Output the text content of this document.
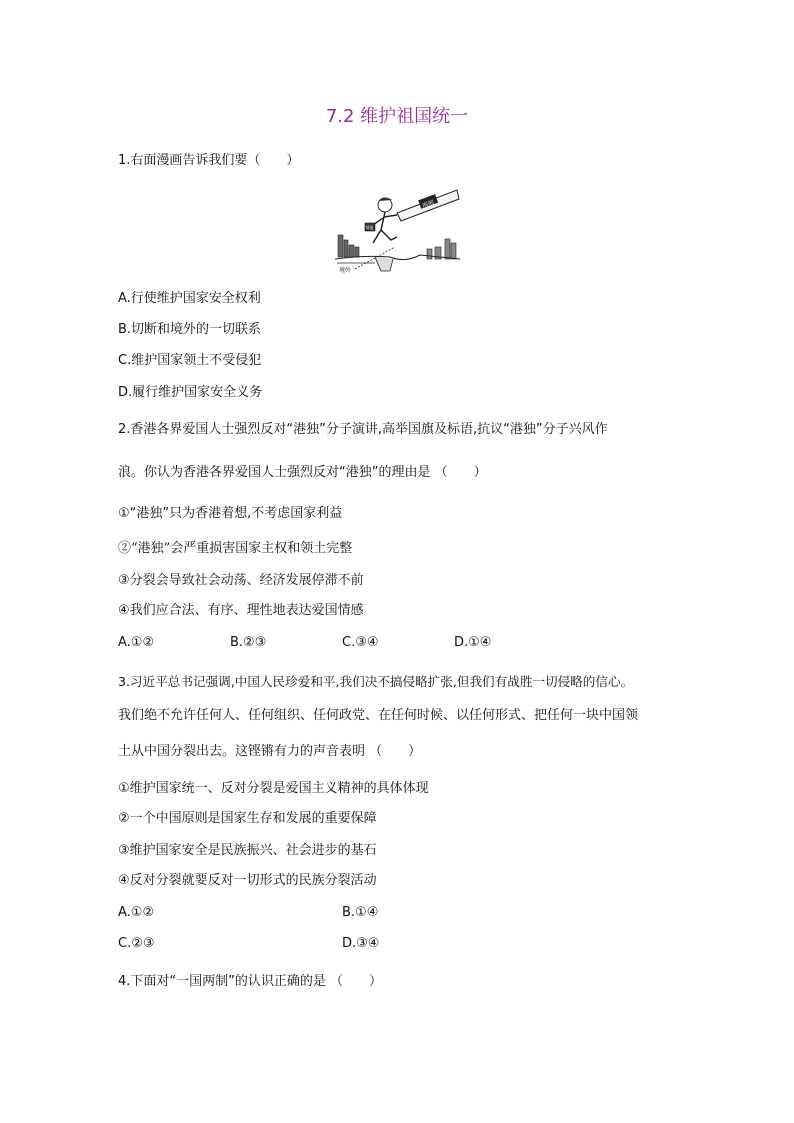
7.2 维护祖国统一
1.右面漫画告诉我们要（　　）
刑刑
情报
境外
A.行使维护国家安全权利
B.切断和境外的一切联系
C.维护国家领土不受侵犯
D.履行维护国家安全义务
2.香港各界爱国人士强烈反对“港独”分子演讲,高举国旗及标语,抗议“港独”分子兴风作
浪。你认为香港各界爱国人士强烈反对“港独”的理由是 （　　）
①“港独”只为香港着想,不考虑国家利益
②“港独”会严重损害国家主权和领土完整
③分裂会导致社会动荡、经济发展停滞不前
④我们应合法、有序、理性地表达爱国情感
A.①②	B.②③	C.③④	D.①④
3.习近平总书记强调,中国人民珍爱和平,我们决不搞侵略扩张,但我们有战胜一切侵略的信心。
我们绝不允许任何人、任何组织、任何政党、在任何时候、以任何形式、把任何一块中国领
土从中国分裂出去。这铿锵有力的声音表明 （　　）
①维护国家统一、反对分裂是爱国主义精神的具体体现
②一个中国原则是国家生存和发展的重要保障
③维护国家安全是民族振兴、社会进步的基石
④反对分裂就要反对一切形式的民族分裂活动
A.①②	B.①④
C.②③	D.③④
4.下面对“一国两制”的认识正确的是 （　　）
